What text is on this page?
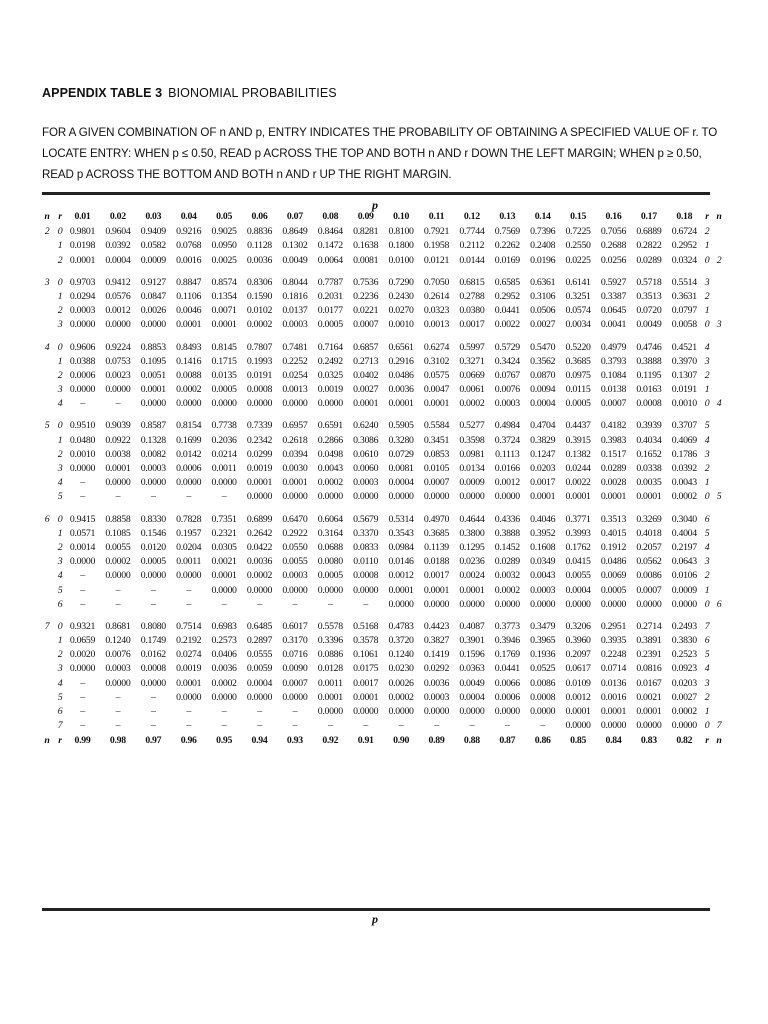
APPENDIX TABLE 3 BIONOMIAL PROBABILITIES
FOR A GIVEN COMBINATION OF n AND p, ENTRY INDICATES THE PROBABILITY OF OBTAINING A SPECIFIED VALUE OF r. TO LOCATE ENTRY: WHEN p ≤ 0.50, READ p ACROSS THE TOP AND BOTH n AND r DOWN THE LEFT MARGIN; WHEN p ≥ 0.50, READ p ACROSS THE BOTTOM AND BOTH n AND r UP THE RIGHT MARGIN.
p
n r	0.01	0.02	0.03	0.04	0.05	0.06	0.07	0.08	0.09	0.10	0.11	0.12	0.13	0.14	0.15	0.16	0.17	0.18	r n
2 0 0.9801	0.9604	0.9409	0.9216	0.9025	0.8836	0.8649	0.8464	0.8281	0.8100	0.7921	0.7744	0.7569	0.7396	0.7225	0.7056	0.6889	0.6724 2
1 0.0198	0.0392	0.0582	0.0768	0.0950	0.1128	0.1302	0.1472	0.1638	0.1800	0.1958	0.2112	0.2262	0.2408	0.2550	0.2688	0.2822	0.2952 1
2 0.0001	0.0004	0.0009	0.0016	0.0025	0.0036	0.0049	0.0064	0.0081	0.0100	0.0121	0.0144	0.0169	0.0196	0.0225	0.0256	0.0289	0.0324 0 2
3 0 0.9703	0.9412	0.9127	0.8847	0.8574	0.8306	0.8044	0.7787	0.7536	0.7290	0.7050	0.6815	0.6585	0.6361	0.6141	0.5927	0.5718	0.5514 3
1 0.0294	0.0576	0.0847	0.1106	0.1354	0.1590	0.1816	0.2031	0.2236	0.2430	0.2614	0.2788	0.2952	0.3106	0.3251	0.3387	0.3513	0.3631 2
2 0.0003	0.0012	0.0026	0.0046	0.0071	0.0102	0.0137	0.0177	0.0221	0.0270	0.0323	0.0380	0.0441	0.0506	0.0574	0.0645	0.0720	0.0797 1
3 0.0000	0.0000	0.0000	0.0001	0.0001	0.0002	0.0003	0.0005	0.0007	0.0010	0.0013	0.0017	0.0022	0.0027	0.0034	0.0041	0.0049	0.0058 0 3
4 0 0.9606	0.9224	0.8853	0.8493	0.8145	0.7807	0.7481	0.7164	0.6857	0.6561	0.6274	0.5997	0.5729	0.5470	0.5220	0.4979	0.4746	0.4521 4
1 0.0388	0.0753	0.1095	0.1416	0.1715	0.1993	0.2252	0.2492	0.2713	0.2916	0.3102	0.3271	0.3424	0.3562	0.3685	0.3793	0.3888	0.3970 3
2 0.0006	0.0023	0.0051	0.0088	0.0135	0.0191	0.0254	0.0325	0.0402	0.0486	0.0575	0.0669	0.0767	0.0870	0.0975	0.1084	0.1195	0.1307 2
3 0.0000	0.0000	0.0001	0.0002	0.0005	0.0008	0.0013	0.0019	0.0027	0.0036	0.0047	0.0061	0.0076	0.0094	0.0115	0.0138	0.0163	0.0191 1
4	–	–	0.0000	0.0000	0.0000	0.0000	0.0000	0.0000	0.0001	0.0001	0.0001	0.0002	0.0003	0.0004	0.0005	0.0007	0.0008	0.0010 0 4
5 0 0.9510	0.9039	0.8587	0.8154	0.7738	0.7339	0.6957	0.6591	0.6240	0.5905	0.5584	0.5277	0.4984	0.4704	0.4437	0.4182	0.3939	0.3707 5
1 0.0480	0.0922	0.1328	0.1699	0.2036	0.2342	0.2618	0.2866	0.3086	0.3280	0.3451	0.3598	0.3724	0.3829	0.3915	0.3983	0.4034	0.4069 4
2 0.0010	0.0038	0.0082	0.0142	0.0214	0.0299	0.0394	0.0498	0.0610	0.0729	0.0853	0.0981	0.1113	0.1247	0.1382	0.1517	0.1652	0.1786 3
3 0.0000	0.0001	0.0003	0.0006	0.0011	0.0019	0.0030	0.0043	0.0060	0.0081	0.0105	0.0134	0.0166	0.0203	0.0244	0.0289	0.0338	0.0392 2
4	–	0.0000	0.0000	0.0000	0.0000	0.0001	0.0001	0.0002	0.0003	0.0004	0.0007	0.0009	0.0012	0.0017	0.0022	0.0028	0.0035	0.0043 1
5	–	–	–	–	–	0.0000	0.0000	0.0000	0.0000	0.0000	0.0000	0.0000	0.0000	0.0001	0.0001	0.0001	0.0001	0.0002 0 5
6 0 0.9415	0.8858	0.8330	0.7828	0.7351	0.6899	0.6470	0.6064	0.5679	0.5314	0.4970	0.4644	0.4336	0.4046	0.3771	0.3513	0.3269	0.3040 6
1 0.0571	0.1085	0.1546	0.1957	0.2321	0.2642	0.2922	0.3164	0.3370	0.3543	0.3685	0.3800	0.3888	0.3952	0.3993	0.4015	0.4018	0.4004 5
2 0.0014	0.0055	0.0120	0.0204	0.0305	0.0422	0.0550	0.0688	0.0833	0.0984	0.1139	0.1295	0.1452	0.1608	0.1762	0.1912	0.2057	0.2197 4
3 0.0000	0.0002	0.0005	0.0011	0.0021	0.0036	0.0055	0.0080	0.0110	0.0146	0.0188	0.0236	0.0289	0.0349	0.0415	0.0486	0.0562	0.0643 3
4	–	0.0000	0.0000	0.0000	0.0001	0.0002	0.0003	0.0005	0.0008	0.0012	0.0017	0.0024	0.0032	0.0043	0.0055	0.0069	0.0086	0.0106 2
5	–	–	–	–	0.0000	0.0000	0.0000	0.0000	0.0000	0.0001	0.0001	0.0001	0.0002	0.0003	0.0004	0.0005	0.0007	0.0009 1
6	–	–	–	–	–	–	–	–	–	0.0000	0.0000	0.0000	0.0000	0.0000	0.0000	0.0000	0.0000	0.0000 0 6
7 0 0.9321	0.8681	0.8080	0.7514	0.6983	0.6485	0.6017	0.5578	0.5168	0.4783	0.4423	0.4087	0.3773	0.3479	0.3206	0.2951	0.2714	0.2493 7
1 0.0659	0.1240	0.1749	0.2192	0.2573	0.2897	0.3170	0.3396	0.3578	0.3720	0.3827	0.3901	0.3946	0.3965	0.3960	0.3935	0.3891	0.3830 6
2 0.0020	0.0076	0.0162	0.0274	0.0406	0.0555	0.0716	0.0886	0.1061	0.1240	0.1419	0.1596	0.1769	0.1936	0.2097	0.2248	0.2391	0.2523 5
3 0.0000	0.0003	0.0008	0.0019	0.0036	0.0059	0.0090	0.0128	0.0175	0.0230	0.0292	0.0363	0.0441	0.0525	0.0617	0.0714	0.0816	0.0923 4
4	–	0.0000	0.0000	0.0001	0.0002	0.0004	0.0007	0.0011	0.0017	0.0026	0.0036	0.0049	0.0066	0.0086	0.0109	0.0136	0.0167	0.0203 3
5	–	–	–	0.0000	0.0000	0.0000	0.0000	0.0001	0.0001	0.0002	0.0003	0.0004	0.0006	0.0008	0.0012	0.0016	0.0021	0.0027 2
6	–	–	–	–	–	–	–	0.0000	0.0000	0.0000	0.0000	0.0000	0.0000	0.0000	0.0001	0.0001	0.0001	0.0002 1
7	–	–	–	–	–	–	–	–	–	–	–	–	–	–	0.0000	0.0000	0.0000	0.0000 0 7
n r	0.99	0.98	0.97	0.96	0.95	0.94	0.93	0.92	0.91	0.90	0.89	0.88	0.87	0.86	0.85	0.84	0.83	0.82	r n
p
